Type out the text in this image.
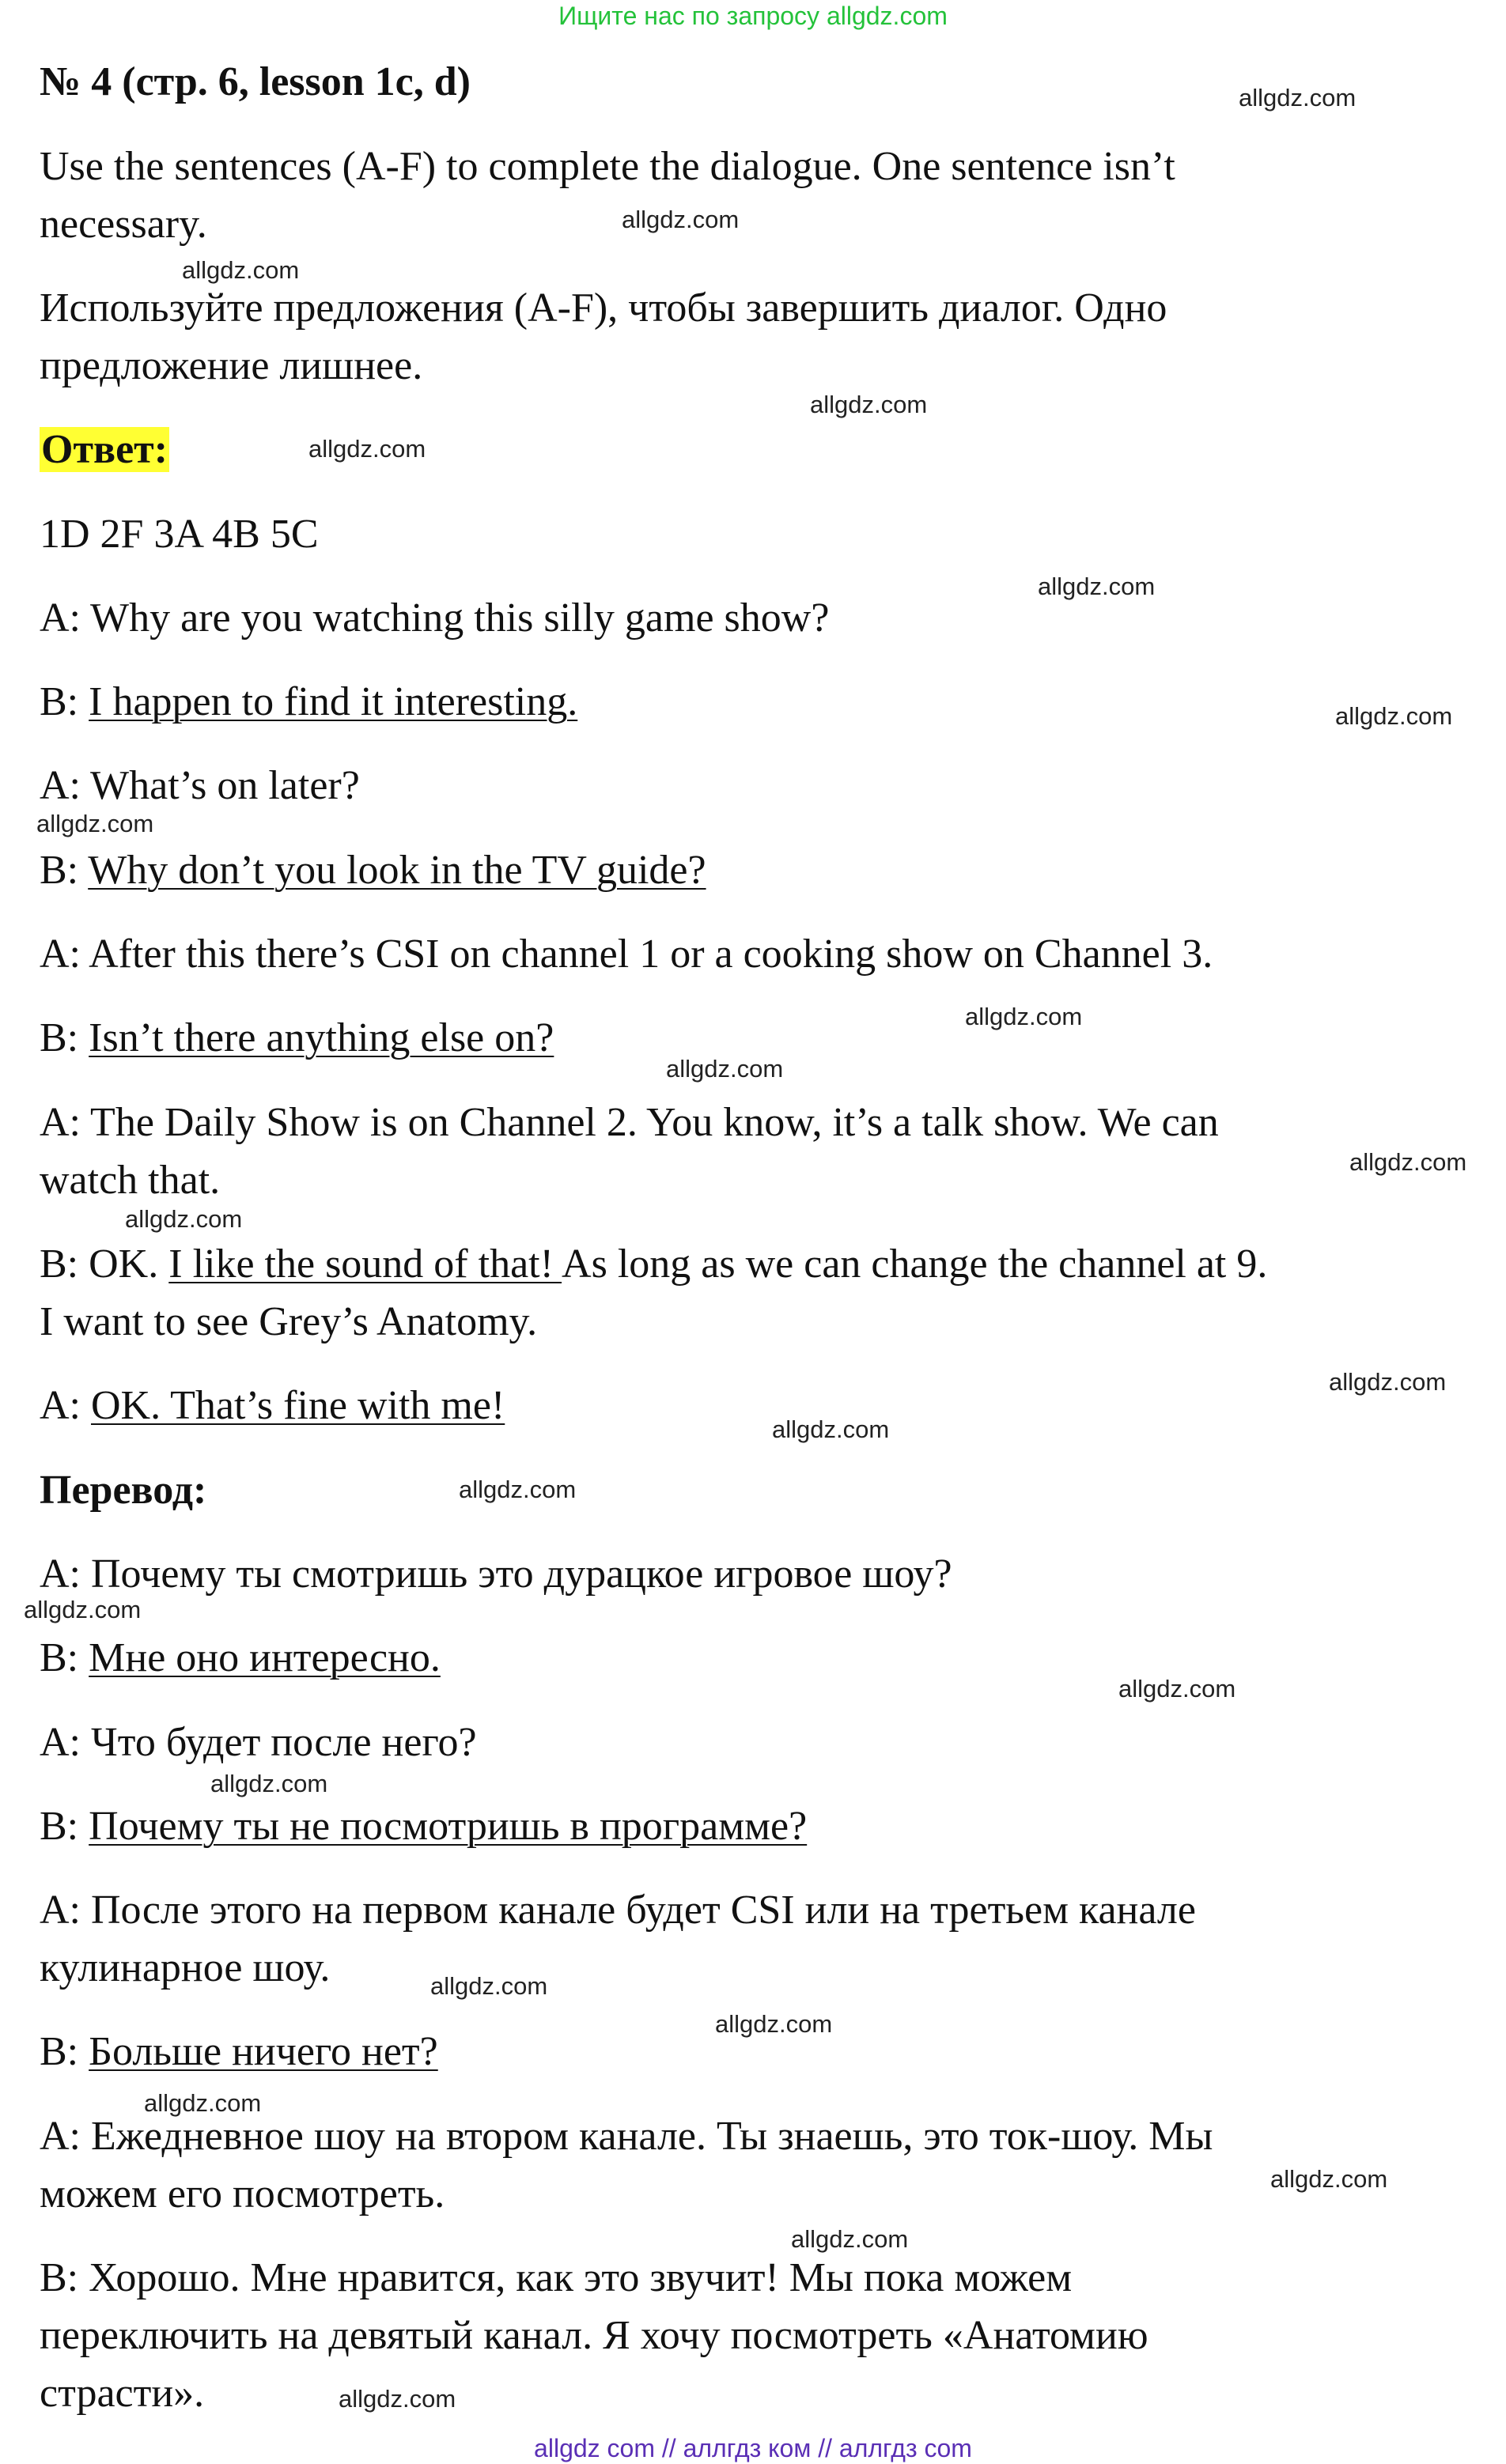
Ищите нас по запросу allgdz.com
№ 4 (стр. 6, lesson 1c, d)
Use the sentences (A-F) to complete the dialogue. One sentence isn’t
necessary.
Используйте предложения (A-F), чтобы завершить диалог. Одно
предложение лишнее.
Ответ:
1D 2F 3A 4B 5C
A: Why are you watching this silly game show?
B: I happen to find it interesting.
A: What’s on later?
B: Why don’t you look in the TV guide?
A: After this there’s CSI on channel 1 or a cooking show on Channel 3.
B: Isn’t there anything else on?
A: The Daily Show is on Channel 2. You know, it’s a talk show. We can
watch that.
B: OK. I like the sound of that! As long as we can change the channel at 9.
I want to see Grey’s Anatomy.
A: OK. That’s fine with me!
Перевод:
A: Почему ты смотришь это дурацкое игровое шоу?
B: Мне оно интересно.
A: Что будет после него?
B: Почему ты не посмотришь в программе?
A: После этого на первом канале будет CSI или на третьем канале
кулинарное шоу.
B: Больше ничего нет?
A: Ежедневное шоу на втором канале. Ты знаешь, это ток-шоу. Мы
можем его посмотреть.
B: Хорошо. Мне нравится, как это звучит! Мы пока можем
переключить на девятый канал. Я хочу посмотреть «Анатомию
страсти».
allgdz.com
allgdz.com
allgdz.com
allgdz.com
allgdz.com
allgdz.com
allgdz.com
allgdz.com
allgdz.com
allgdz.com
allgdz.com
allgdz.com
allgdz.com
allgdz.com
allgdz.com
allgdz.com
allgdz.com
allgdz.com
allgdz.com
allgdz.com
allgdz.com
allgdz.com
allgdz.com
allgdz.com
allgdz com // аллгдз ком // аллгдз com
